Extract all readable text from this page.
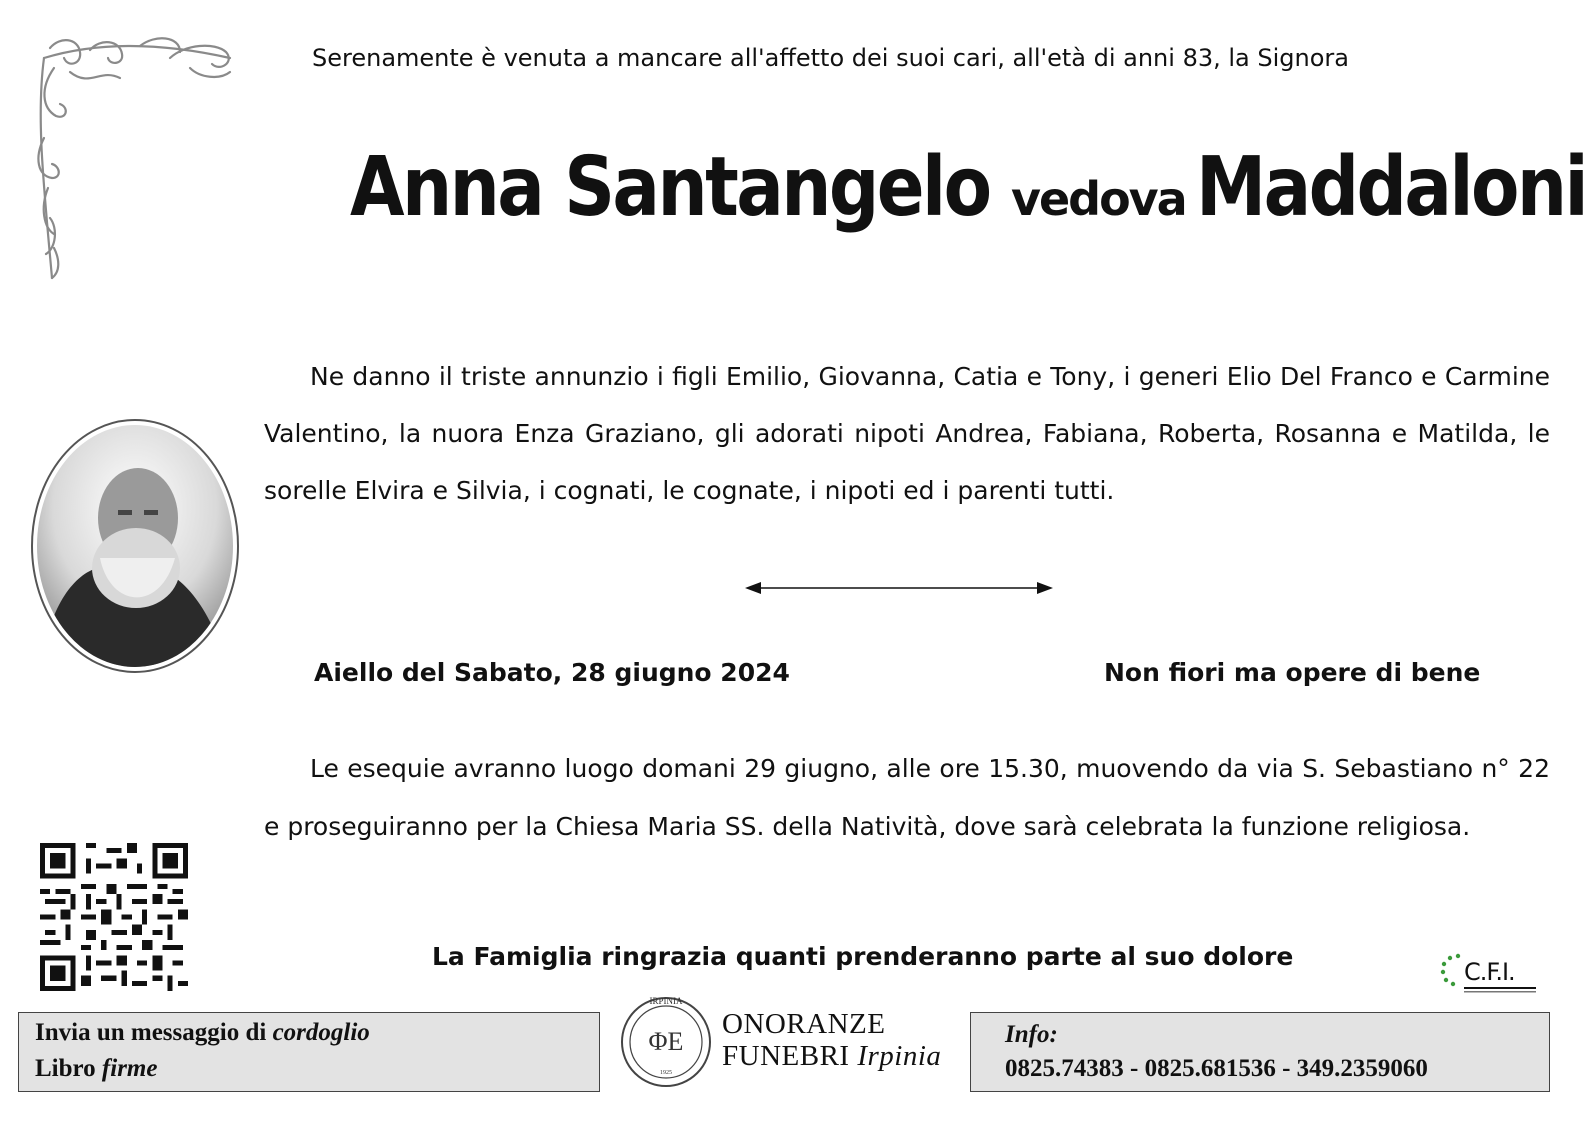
Serenamente è venuta a mancare all'affetto dei suoi cari, all'età di anni 83, la Signora
Anna Santangelo vedova Maddaloni
Ne danno il triste annunzio i figli Emilio, Giovanna, Catia e Tony, i generi Elio Del Franco e Carmine Valentino, la nuora Enza Graziano, gli adorati nipoti Andrea, Fabiana, Roberta, Rosanna e Matilda, le sorelle Elvira e Silvia, i cognati, le cognate, i nipoti ed i parenti tutti.
Aiello del Sabato, 28 giugno 2024	Non fiori ma opere di bene
Le esequie avranno luogo domani 29 giugno, alle ore 15.30, muovendo da via S. Sebastiano n° 22 e proseguiranno per la Chiesa Maria SS. della Natività, dove sarà celebrata la funzione religiosa.
La Famiglia ringrazia quanti prenderanno parte al suo dolore
C.F.I.
Invia un messaggio di cordoglio
Libro firme
IRPINIA
ΦΕ
1925
ONORANZE
FUNEBRI Irpinia
Info:
0825.74383 - 0825.681536 - 349.2359060
